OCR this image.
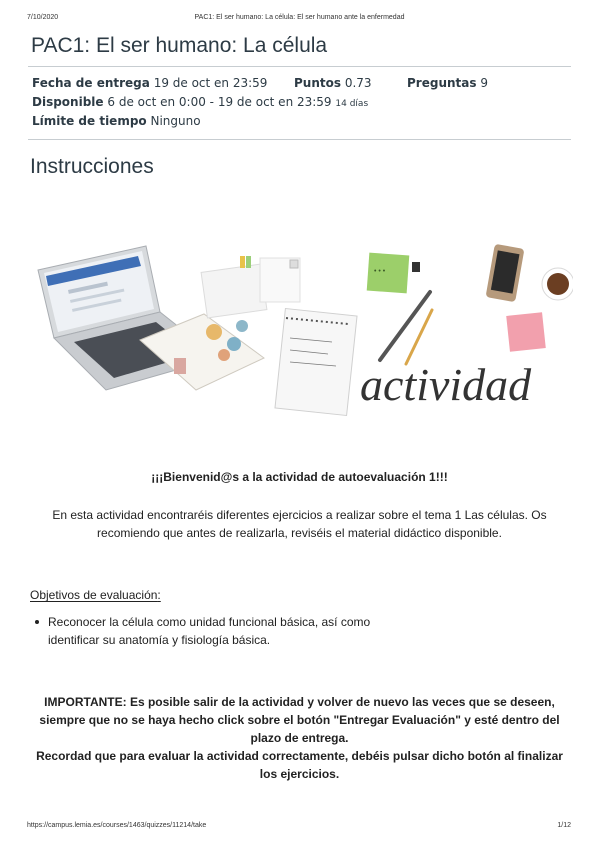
7/10/2020	PAC1: El ser humano: La célula: El ser humano ante la enfermedad
PAC1: El ser humano: La célula
Fecha de entrega 19 de oct en 23:59 Puntos 0.73	Preguntas 9
Disponible 6 de oct en 0:00 - 19 de oct en 23:59 14 días
Límite de tiempo Ninguno
Instrucciones
• • •
actividad
¡¡¡Bienvenid@s a la actividad de autoevaluación 1!!!
En esta actividad encontraréis diferentes ejercicios a realizar sobre el tema 1 Las células. Os
recomiendo que antes de realizarla, reviséis el material didáctico disponible.
Objetivos de evaluación:
Reconocer la célula como unidad funcional básica, así como
identificar su anatomía y fisiología básica.

IMPORTANTE: Es posible salir de la actividad y volver de nuevo las veces que se deseen,

siempre que no se haya hecho click sobre el botón "Entregar Evaluación" y esté dentro del

plazo de entrega.

Recordad que para evaluar la actividad correctamente, debéis pulsar dicho botón al finalizar

los ejercicios.

https://campus.lemia.es/courses/1463/quizzes/11214/take	1/12
